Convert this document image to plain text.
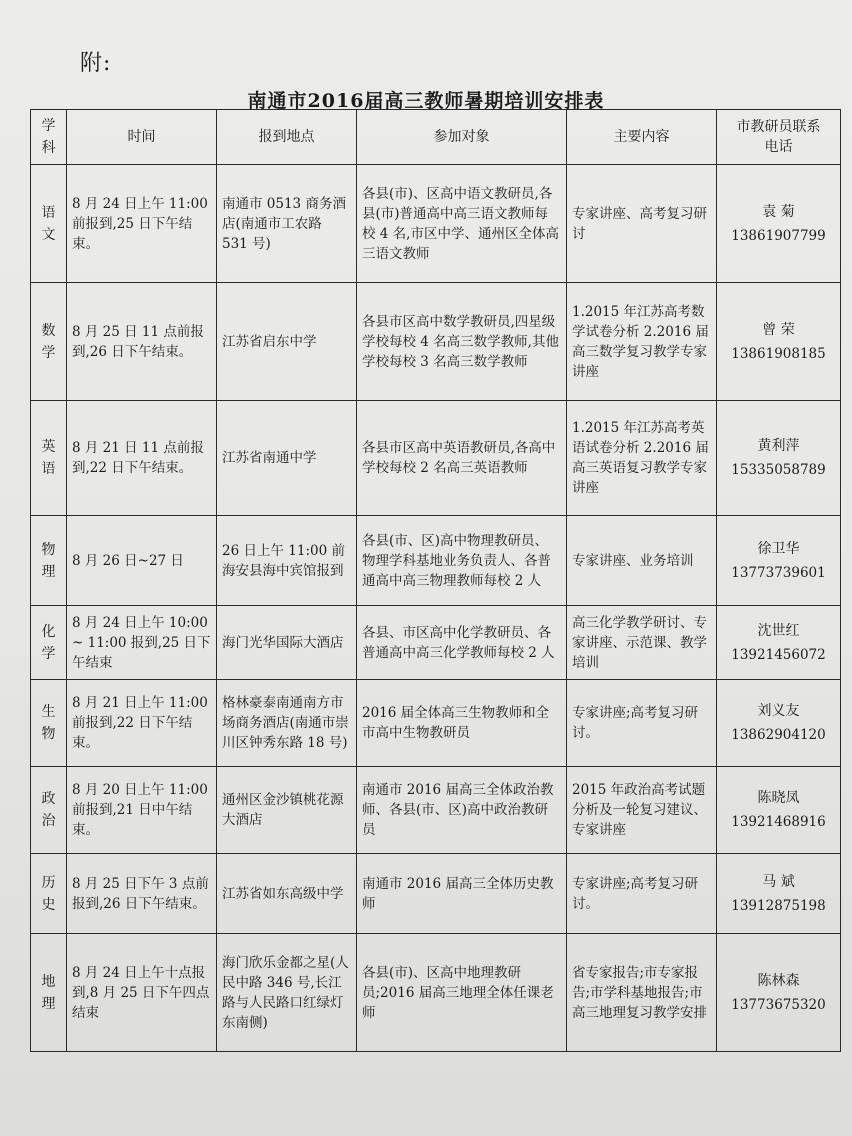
附:
南通市2016届高三教师暑期培训安排表
学科	时间	报到地点	参加对象	主要内容	市教研员联系电话

语文	8 月 24 日上午 11:00 前报到,25 日下午结束。	南通市 0513 商务酒店(南通市工农路 531 号)	各县(市)、区高中语文教研员,各县(市)普通高中高三语文教师每校 4 名,市区中学、通州区全体高三语文教师	专家讲座、高考复习研讨	袁 菊
13861907799

数学	8 月 25 日 11 点前报到,26 日下午结束。	江苏省启东中学	各县市区高中数学教研员,四星级学校每校 4 名高三数学教师,其他学校每校 3 名高三数学教师	1.2015 年江苏高考数学试卷分析 2.2016 届高三数学复习教学专家讲座	曾 荣
13861908185

英语	8 月 21 日 11 点前报到,22 日下午结束。	江苏省南通中学	各县市区高中英语教研员,各高中学校每校 2 名高三英语教师	1.2015 年江苏高考英语试卷分析 2.2016 届高三英语复习教学专家讲座	黄利萍
15335058789

物理	8 月 26 日~27 日	26 日上午 11:00 前海安县海中宾馆报到	各县(市、区)高中物理教研员、物理学科基地业务负责人、各普通高中高三物理教师每校 2 人	专家讲座、业务培训	徐卫华
13773739601

化学	8 月 24 日上午 10:00 ~ 11:00 报到,25 日下午结束	海门光华国际大酒店	各县、市区高中化学教研员、各普通高中高三化学教师每校 2 人	高三化学教学研讨、专家讲座、示范课、教学培训	沈世红
13921456072

生物	8 月 21 日上午 11:00 前报到,22 日下午结束。	格林豪泰南通南方市场商务酒店(南通市崇川区钟秀东路 18 号)	2016 届全体高三生物教师和全市高中生物教研员	专家讲座;高考复习研讨。	刘义友
13862904120

政治	8 月 20 日上午 11:00 前报到,21 日中午结束。	通州区金沙镇桃花源大酒店	南通市 2016 届高三全体政治教师、各县(市、区)高中政治教研员	2015 年政治高考试题分析及一轮复习建议、专家讲座	陈晓凤
13921468916

历史	8 月 25 日下午 3 点前报到,26 日下午结束。	江苏省如东高级中学	南通市 2016 届高三全体历史教师	专家讲座;高考复习研讨。	马 斌
13912875198

地理	8 月 24 日上午十点报到,8 月 25 日下午四点结束	海门欣乐金都之星(人民中路 346 号,长江路与人民路口红绿灯东南侧)	各县(市)、区高中地理教研员;2016 届高三地理全体任课老师	省专家报告;市专家报告;市学科基地报告;市高三地理复习教学安排	陈林森
13773675320
